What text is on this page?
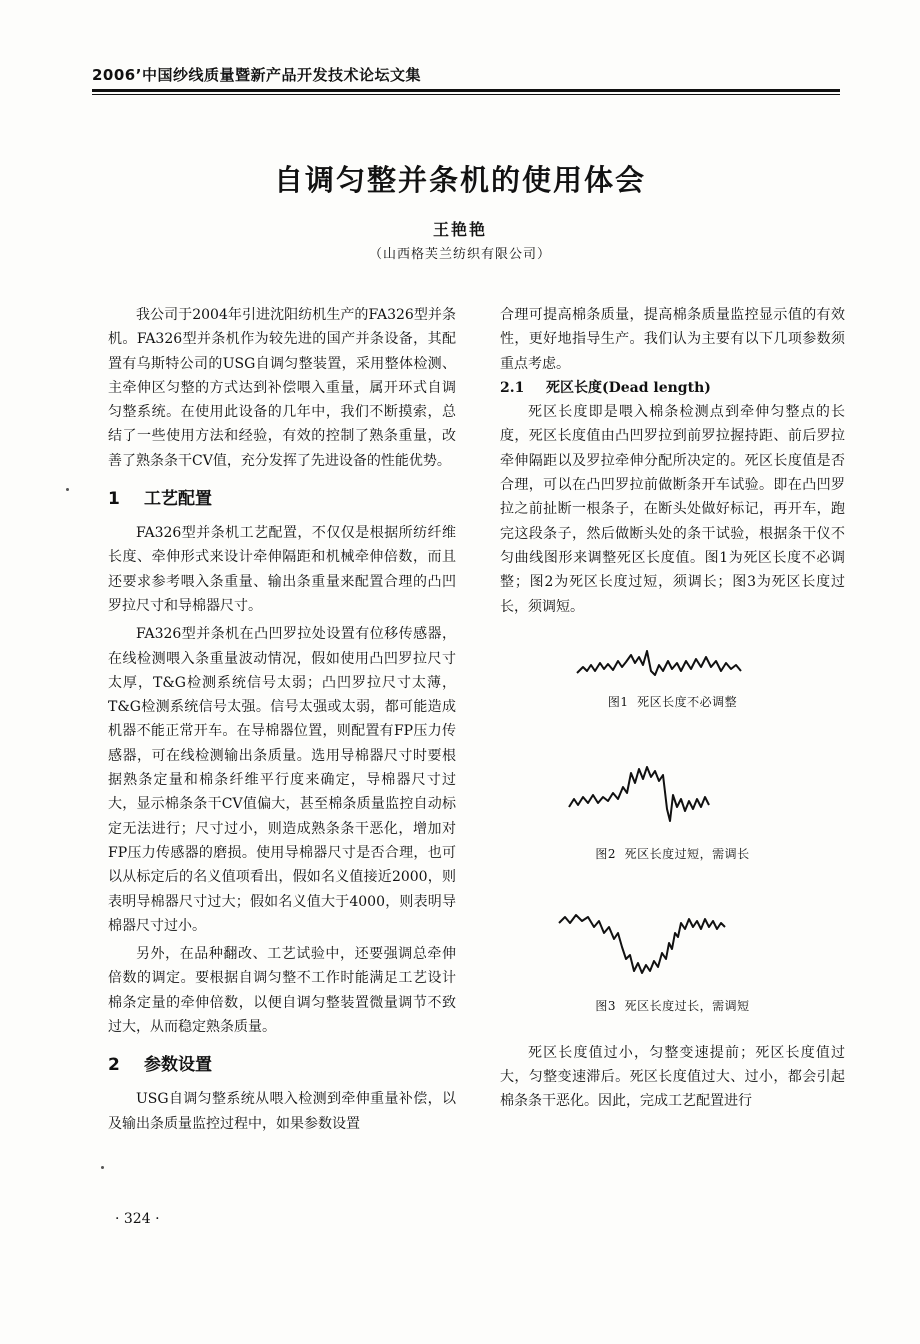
2006’中国纱线质量暨新产品开发技术论坛文集
自调匀整并条机的使用体会
王艳艳
（山西格芙兰纺织有限公司）

我公司于2004年引进沈阳纺机生产的FA326型并条机。FA326型并条机作为较先进的国产并条设备，其配置有乌斯特公司的USG自调匀整装置，采用整体检测、主牵伸区匀整的方式达到补偿喂入重量，属开环式自调匀整系统。在使用此设备的几年中，我们不断摸索，总结了一些使用方法和经验，有效的控制了熟条重量，改善了熟条条干CV值，充分发挥了先进设备的性能优势。

1 工艺配置

FA326型并条机工艺配置，不仅仅是根据所纺纤维长度、牵伸形式来设计牵伸隔距和机械牵伸倍数，而且还要求参考喂入条重量、输出条重量来配置合理的凸凹罗拉尺寸和导棉器尺寸。

FA326型并条机在凸凹罗拉处设置有位移传感器，在线检测喂入条重量波动情况，假如使用凸凹罗拉尺寸太厚，T&G检测系统信号太弱；凸凹罗拉尺寸太薄，T&G检测系统信号太强。信号太强或太弱，都可能造成机器不能正常开车。在导棉器位置，则配置有FP压力传感器，可在线检测输出条质量。选用导棉器尺寸时要根据熟条定量和棉条纤维平行度来确定，导棉器尺寸过大，显示棉条条干CV值偏大，甚至棉条质量监控自动标定无法进行；尺寸过小，则造成熟条条干恶化，增加对FP压力传感器的磨损。使用导棉器尺寸是否合理，也可以从标定后的名义值项看出，假如名义值接近2000，则表明导棉器尺寸过大；假如名义值大于4000，则表明导棉器尺寸过小。

另外，在品种翻改、工艺试验中，还要强调总牵伸倍数的调定。要根据自调匀整不工作时能满足工艺设计棉条定量的牵伸倍数，以便自调匀整装置微量调节不致过大，从而稳定熟条质量。

2 参数设置

USG自调匀整系统从喂入检测到牵伸重量补偿，以及输出条质量监控过程中，如果参数设置

合理可提高棉条质量，提高棉条质量监控显示值的有效性，更好地指导生产。我们认为主要有以下几项参数须重点考虑。

2.1 死区长度(Dead length)

死区长度即是喂入棉条检测点到牵伸匀整点的长度，死区长度值由凸凹罗拉到前罗拉握持距、前后罗拉牵伸隔距以及罗拉牵伸分配所决定的。死区长度值是否合理，可以在凸凹罗拉前做断条开车试验。即在凸凹罗拉之前扯断一根条子，在断头处做好标记，再开车，跑完这段条子，然后做断头处的条干试验，根据条干仪不匀曲线图形来调整死区长度值。图1为死区长度不必调整；图2为死区长度过短，须调长；图3为死区长度过长，须调短。

图1 死区长度不必调整
图2 死区长度过短，需调长
图3 死区长度过长，需调短

死区长度值过小，匀整变速提前；死区长度值过大，匀整变速滞后。死区长度值过大、过小，都会引起棉条条干恶化。因此，完成工艺配置进行

· 324 ·
